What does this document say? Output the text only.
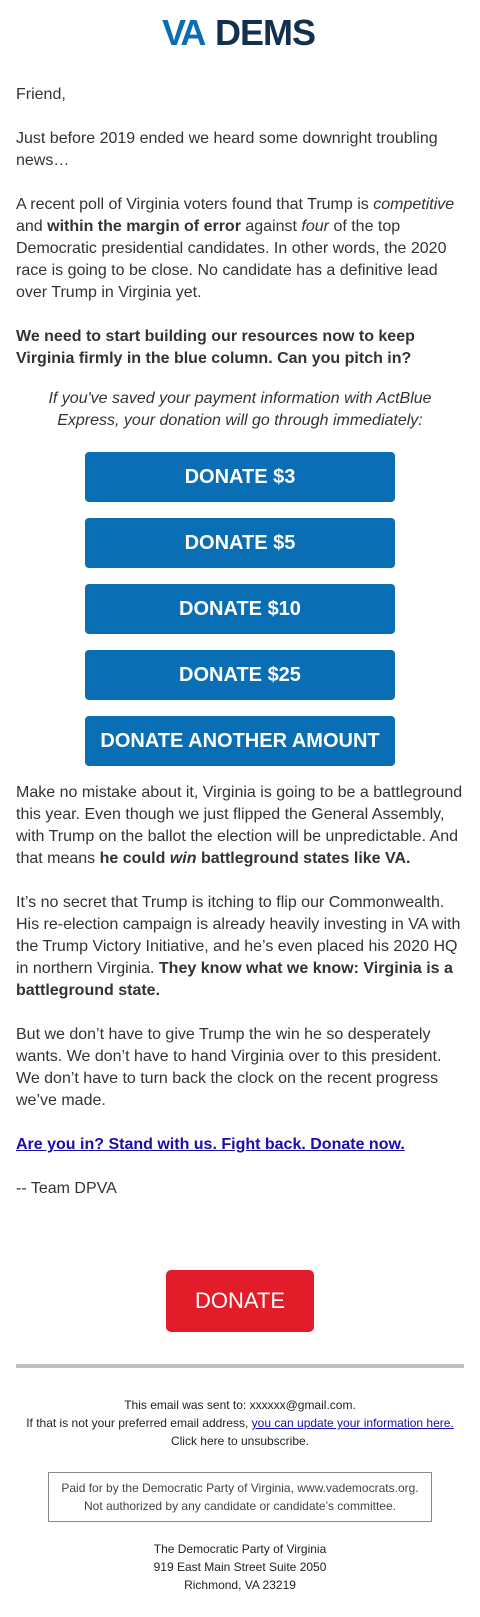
VA DEMS

Friend,

Just before 2019 ended we heard some downright troubling news…

A recent poll of Virginia voters found that Trump is competitive and within the margin of error against four of the top Democratic presidential candidates. In other words, the 2020 race is going to be close. No candidate has a definitive lead over Trump in Virginia yet.

We need to start building our resources now to keep Virginia firmly in the blue column. Can you pitch in?

If you've saved your payment information with ActBlue Express, your donation will go through immediately:

DONATE $3
DONATE $5
DONATE $10
DONATE $25
DONATE ANOTHER AMOUNT

Make no mistake about it, Virginia is going to be a battleground this year. Even though we just flipped the General Assembly, with Trump on the ballot the election will be unpredictable. And that means he could win battleground states like VA.

It’s no secret that Trump is itching to flip our Commonwealth. His re-election campaign is already heavily investing in VA with the Trump Victory Initiative, and he’s even placed his 2020 HQ in northern Virginia. They know what we know: Virginia is a battleground state.

But we don’t have to give Trump the win he so desperately wants. We don’t have to hand Virginia over to this president. We don’t have to turn back the clock on the recent progress we’ve made.

Are you in? Stand with us. Fight back. Donate now.

-- Team DPVA

DONATE
This email was sent to: xxxxxx@gmail.com.
If that is not your preferred email address, you can update your information here.
Click here to unsubscribe.
Paid for by the Democratic Party of Virginia, www.vademocrats.org.
Not authorized by any candidate or candidate’s committee.
The Democratic Party of Virginia
919 East Main Street Suite 2050
Richmond, VA 23219
